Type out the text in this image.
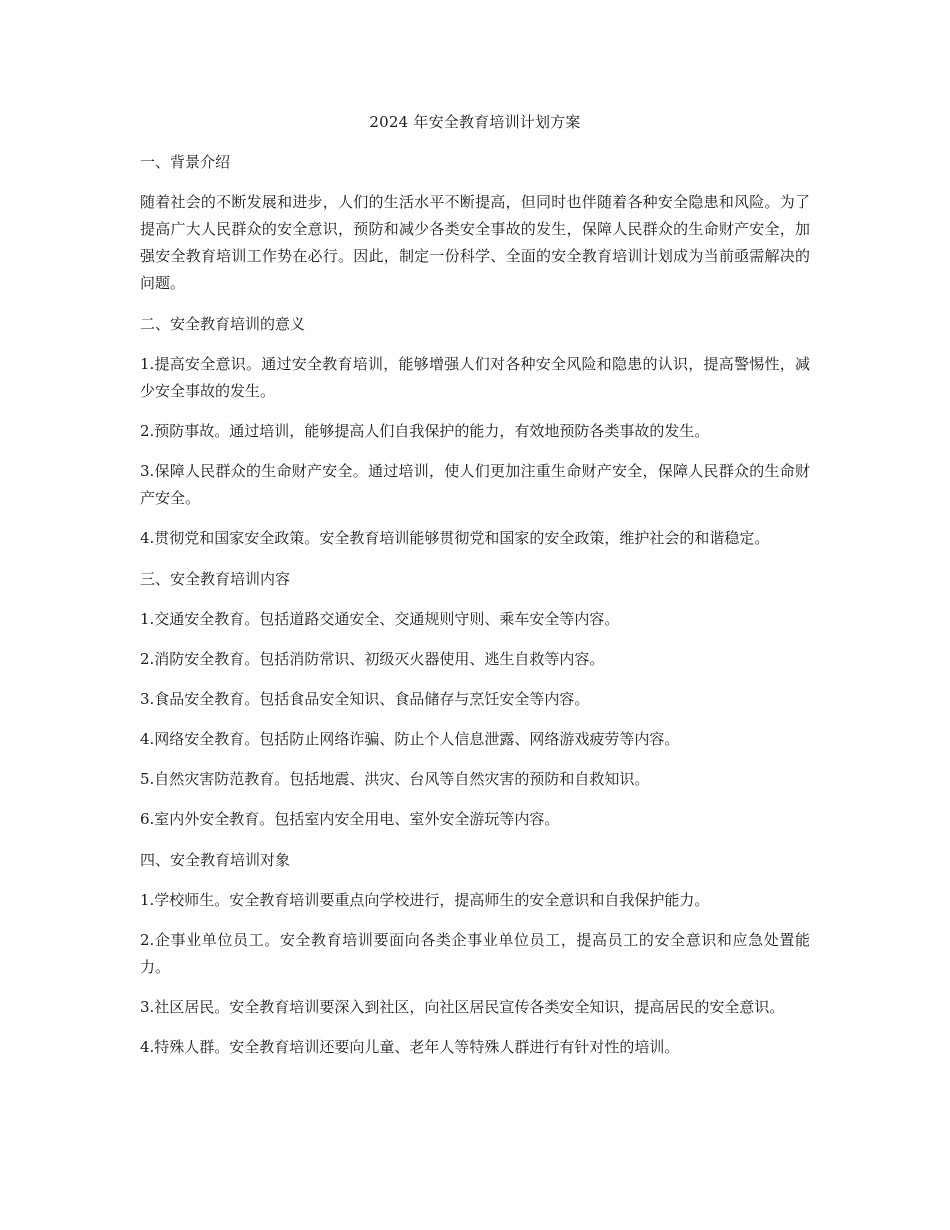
2024 年安全教育培训计划方案
一、背景介绍
随着社会的不断发展和进步，人们的生活水平不断提高，但同时也伴随着各种安全隐患和风险。为了提高广大人民群众的安全意识，预防和减少各类安全事故的发生，保障人民群众的生命财产安全，加强安全教育培训工作势在必行。因此，制定一份科学、全面的安全教育培训计划成为当前亟需解决的问题。
二、安全教育培训的意义
1.提高安全意识。通过安全教育培训，能够增强人们对各种安全风险和隐患的认识，提高警惕性，减少安全事故的发生。
2.预防事故。通过培训，能够提高人们自我保护的能力，有效地预防各类事故的发生。
3.保障人民群众的生命财产安全。通过培训，使人们更加注重生命财产安全，保障人民群众的生命财产安全。
4.贯彻党和国家安全政策。安全教育培训能够贯彻党和国家的安全政策，维护社会的和谐稳定。
三、安全教育培训内容
1.交通安全教育。包括道路交通安全、交通规则守则、乘车安全等内容。
2.消防安全教育。包括消防常识、初级灭火器使用、逃生自救等内容。
3.食品安全教育。包括食品安全知识、食品储存与烹饪安全等内容。
4.网络安全教育。包括防止网络诈骗、防止个人信息泄露、网络游戏疲劳等内容。
5.自然灾害防范教育。包括地震、洪灾、台风等自然灾害的预防和自救知识。
6.室内外安全教育。包括室内安全用电、室外安全游玩等内容。
四、安全教育培训对象
1.学校师生。安全教育培训要重点向学校进行，提高师生的安全意识和自我保护能力。
2.企事业单位员工。安全教育培训要面向各类企事业单位员工，提高员工的安全意识和应急处置能力。
3.社区居民。安全教育培训要深入到社区，向社区居民宣传各类安全知识，提高居民的安全意识。
4.特殊人群。安全教育培训还要向儿童、老年人等特殊人群进行有针对性的培训。
